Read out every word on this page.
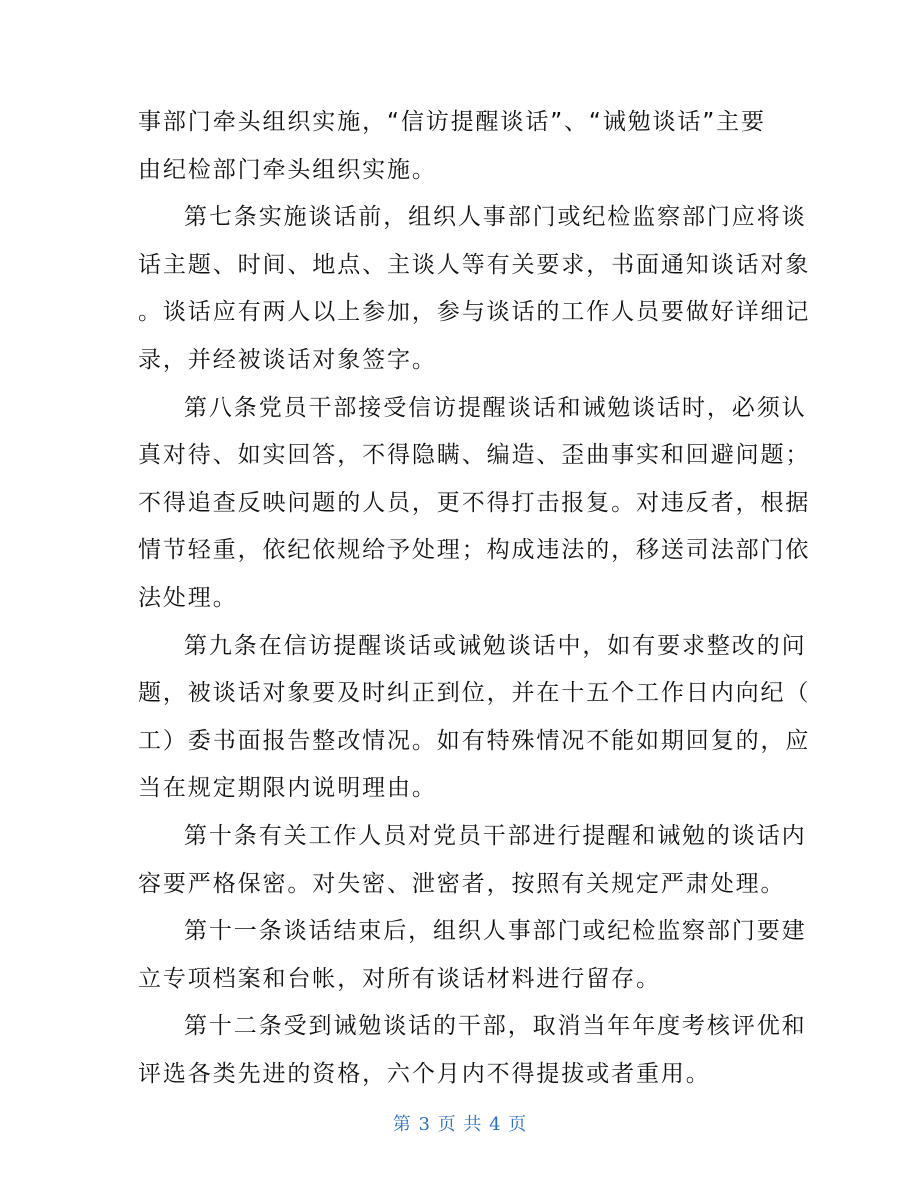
事部门牵头组织实施，“信访提醒谈话”、“诫勉谈话”主要
由纪检部门牵头组织实施。
第七条实施谈话前，组织人事部门或纪检监察部门应将谈
话主题、时间、地点、主谈人等有关要求，书面通知谈话对象
。谈话应有两人以上参加，参与谈话的工作人员要做好详细记
录，并经被谈话对象签字。
第八条党员干部接受信访提醒谈话和诫勉谈话时，必须认
真对待、如实回答，不得隐瞒、编造、歪曲事实和回避问题；
不得追查反映问题的人员，更不得打击报复。对违反者，根据
情节轻重，依纪依规给予处理；构成违法的，移送司法部门依
法处理。
第九条在信访提醒谈话或诫勉谈话中，如有要求整改的问
题，被谈话对象要及时纠正到位，并在十五个工作日内向纪（
工）委书面报告整改情况。如有特殊情况不能如期回复的，应
当在规定期限内说明理由。
第十条有关工作人员对党员干部进行提醒和诫勉的谈话内
容要严格保密。对失密、泄密者，按照有关规定严肃处理。
第十一条谈话结束后，组织人事部门或纪检监察部门要建
立专项档案和台帐，对所有谈话材料进行留存。
第十二条受到诫勉谈话的干部，取消当年年度考核评优和
评选各类先进的资格，六个月内不得提拔或者重用。
第 3 页 共 4 页
